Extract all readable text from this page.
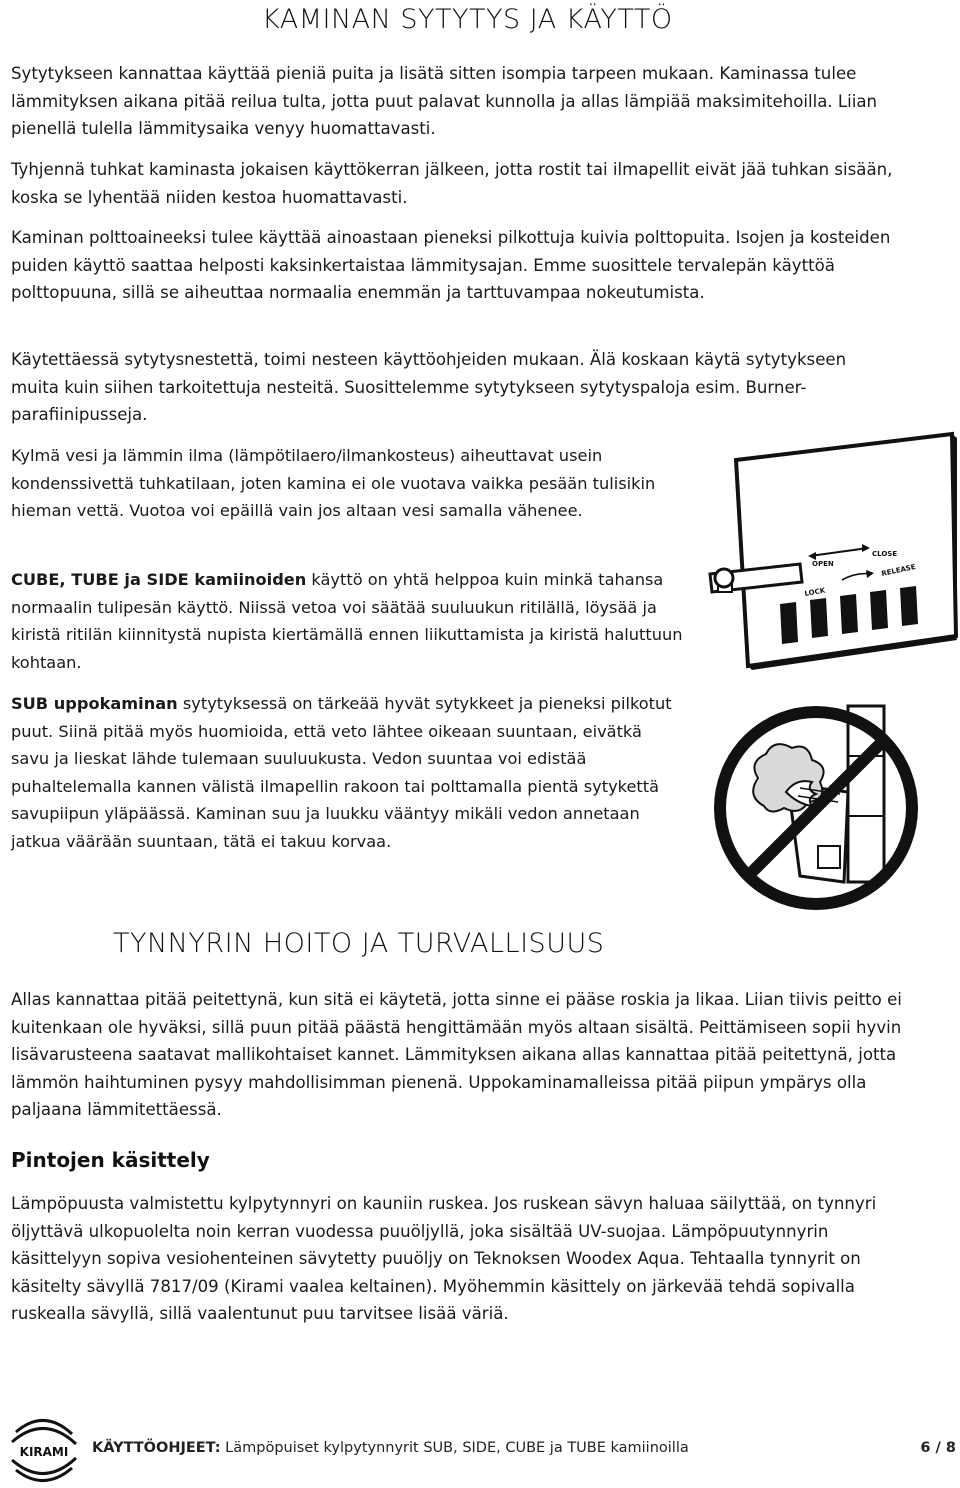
KAMINAN SYTYTYS JA KÄYTTÖ

Sytytykseen kannattaa käyttää pieniä puita ja lisätä sitten isompia tarpeen mukaan. Kaminassa tulee lämmityksen aikana pitää reilua tulta, jotta puut palavat kunnolla ja allas lämpiää maksimitehoilla. Liian pienellä tulella lämmitysaika venyy huomattavasti.

Tyhjennä tuhkat kaminasta jokaisen käyttökerran jälkeen, jotta rostit tai ilmapellit eivät jää tuhkan sisään, koska se lyhentää niiden kestoa huomattavasti.

Kaminan polttoaineeksi tulee käyttää ainoastaan pieneksi pilkottuja kuivia polttopuita. Isojen ja kosteiden puiden käyttö saattaa helposti kaksinkertaistaa lämmitysajan. Emme suosittele tervalepän käyttöä polttopuuna, sillä se aiheuttaa normaalia enemmän ja tarttuvampaa nokeutumista.

Käytettäessä sytytysnestettä, toimi nesteen käyttöohjeiden mukaan. Älä koskaan käytä sytytykseen muita kuin siihen tarkoitettuja nesteitä. Suosittelemme sytytykseen sytytyspaloja esim. Burner-parafiinipusseja.

Kylmä vesi ja lämmin ilma (lämpötilaero/ilmankosteus) aiheuttavat usein kondenssivettä tuhkatilaan, joten kamina ei ole vuotava vaikka pesään tulisikin hieman vettä. Vuotoa voi epäillä vain jos altaan vesi samalla vähenee.

CUBE, TUBE ja SIDE kamiinoiden käyttö on yhtä helppoa kuin minkä tahansa normaalin tulipesän käyttö. Niissä vetoa voi säätää suuluukun ritilällä, löysää ja kiristä ritilän kiinnitystä nupista kiertämällä ennen liikuttamista ja kiristä haluttuun kohtaan.

SUB uppokaminan sytytyksessä on tärkeää hyvät sytykkeet ja pieneksi pilkotut puut. Siinä pitää myös huomioida, että veto lähtee oikeaan suuntaan, eivätkä savu ja lieskat lähde tulemaan suuluukusta. Vedon suuntaa voi edistää puhaltelemalla kannen välistä ilmapellin rakoon tai polttamalla pientä sytykettä savupiipun yläpäässä. Kaminan suu ja luukku vääntyy mikäli vedon annetaan jatkua väärään suuntaan, tätä ei takuu korvaa.

OPEN
CLOSE
LOCK
RELEASE
TYNNYRIN HOITO JA TURVALLISUUS

Allas kannattaa pitää peitettynä, kun sitä ei käytetä, jotta sinne ei pääse roskia ja likaa. Liian tiivis peitto ei kuitenkaan ole hyväksi, sillä puun pitää päästä hengittämään myös altaan sisältä. Peittämiseen sopii hyvin lisävarusteena saatavat mallikohtaiset kannet. Lämmityksen aikana allas kannattaa pitää peitettynä, jotta lämmön haihtuminen pysyy mahdollisimman pienenä. Uppokaminamalleissa pitää piipun ympärys olla paljaana lämmitettäessä.

Pintojen käsittely

Lämpöpuusta valmistettu kylpytynnyri on kauniin ruskea. Jos ruskean sävyn haluaa säilyttää, on tynnyri öljyttävä ulkopuolelta noin kerran vuodessa puuöljyllä, joka sisältää UV-suojaa. Lämpöpuutynnyrin käsittelyyn sopiva vesiohenteinen sävytetty puuöljy on Teknoksen Woodex Aqua. Tehtaalla tynnyrit on käsitelty sävyllä 7817/09 (Kirami vaalea keltainen). Myöhemmin käsittely on järkevää tehdä sopivalla ruskealla sävyllä, sillä vaalentunut puu tarvitsee lisää väriä.

KIRAMI KÄYTTÖOHJEET: Lämpöpuiset kylpytynnyrit SUB, SIDE, CUBE ja TUBE kamiinoilla	6 / 8
